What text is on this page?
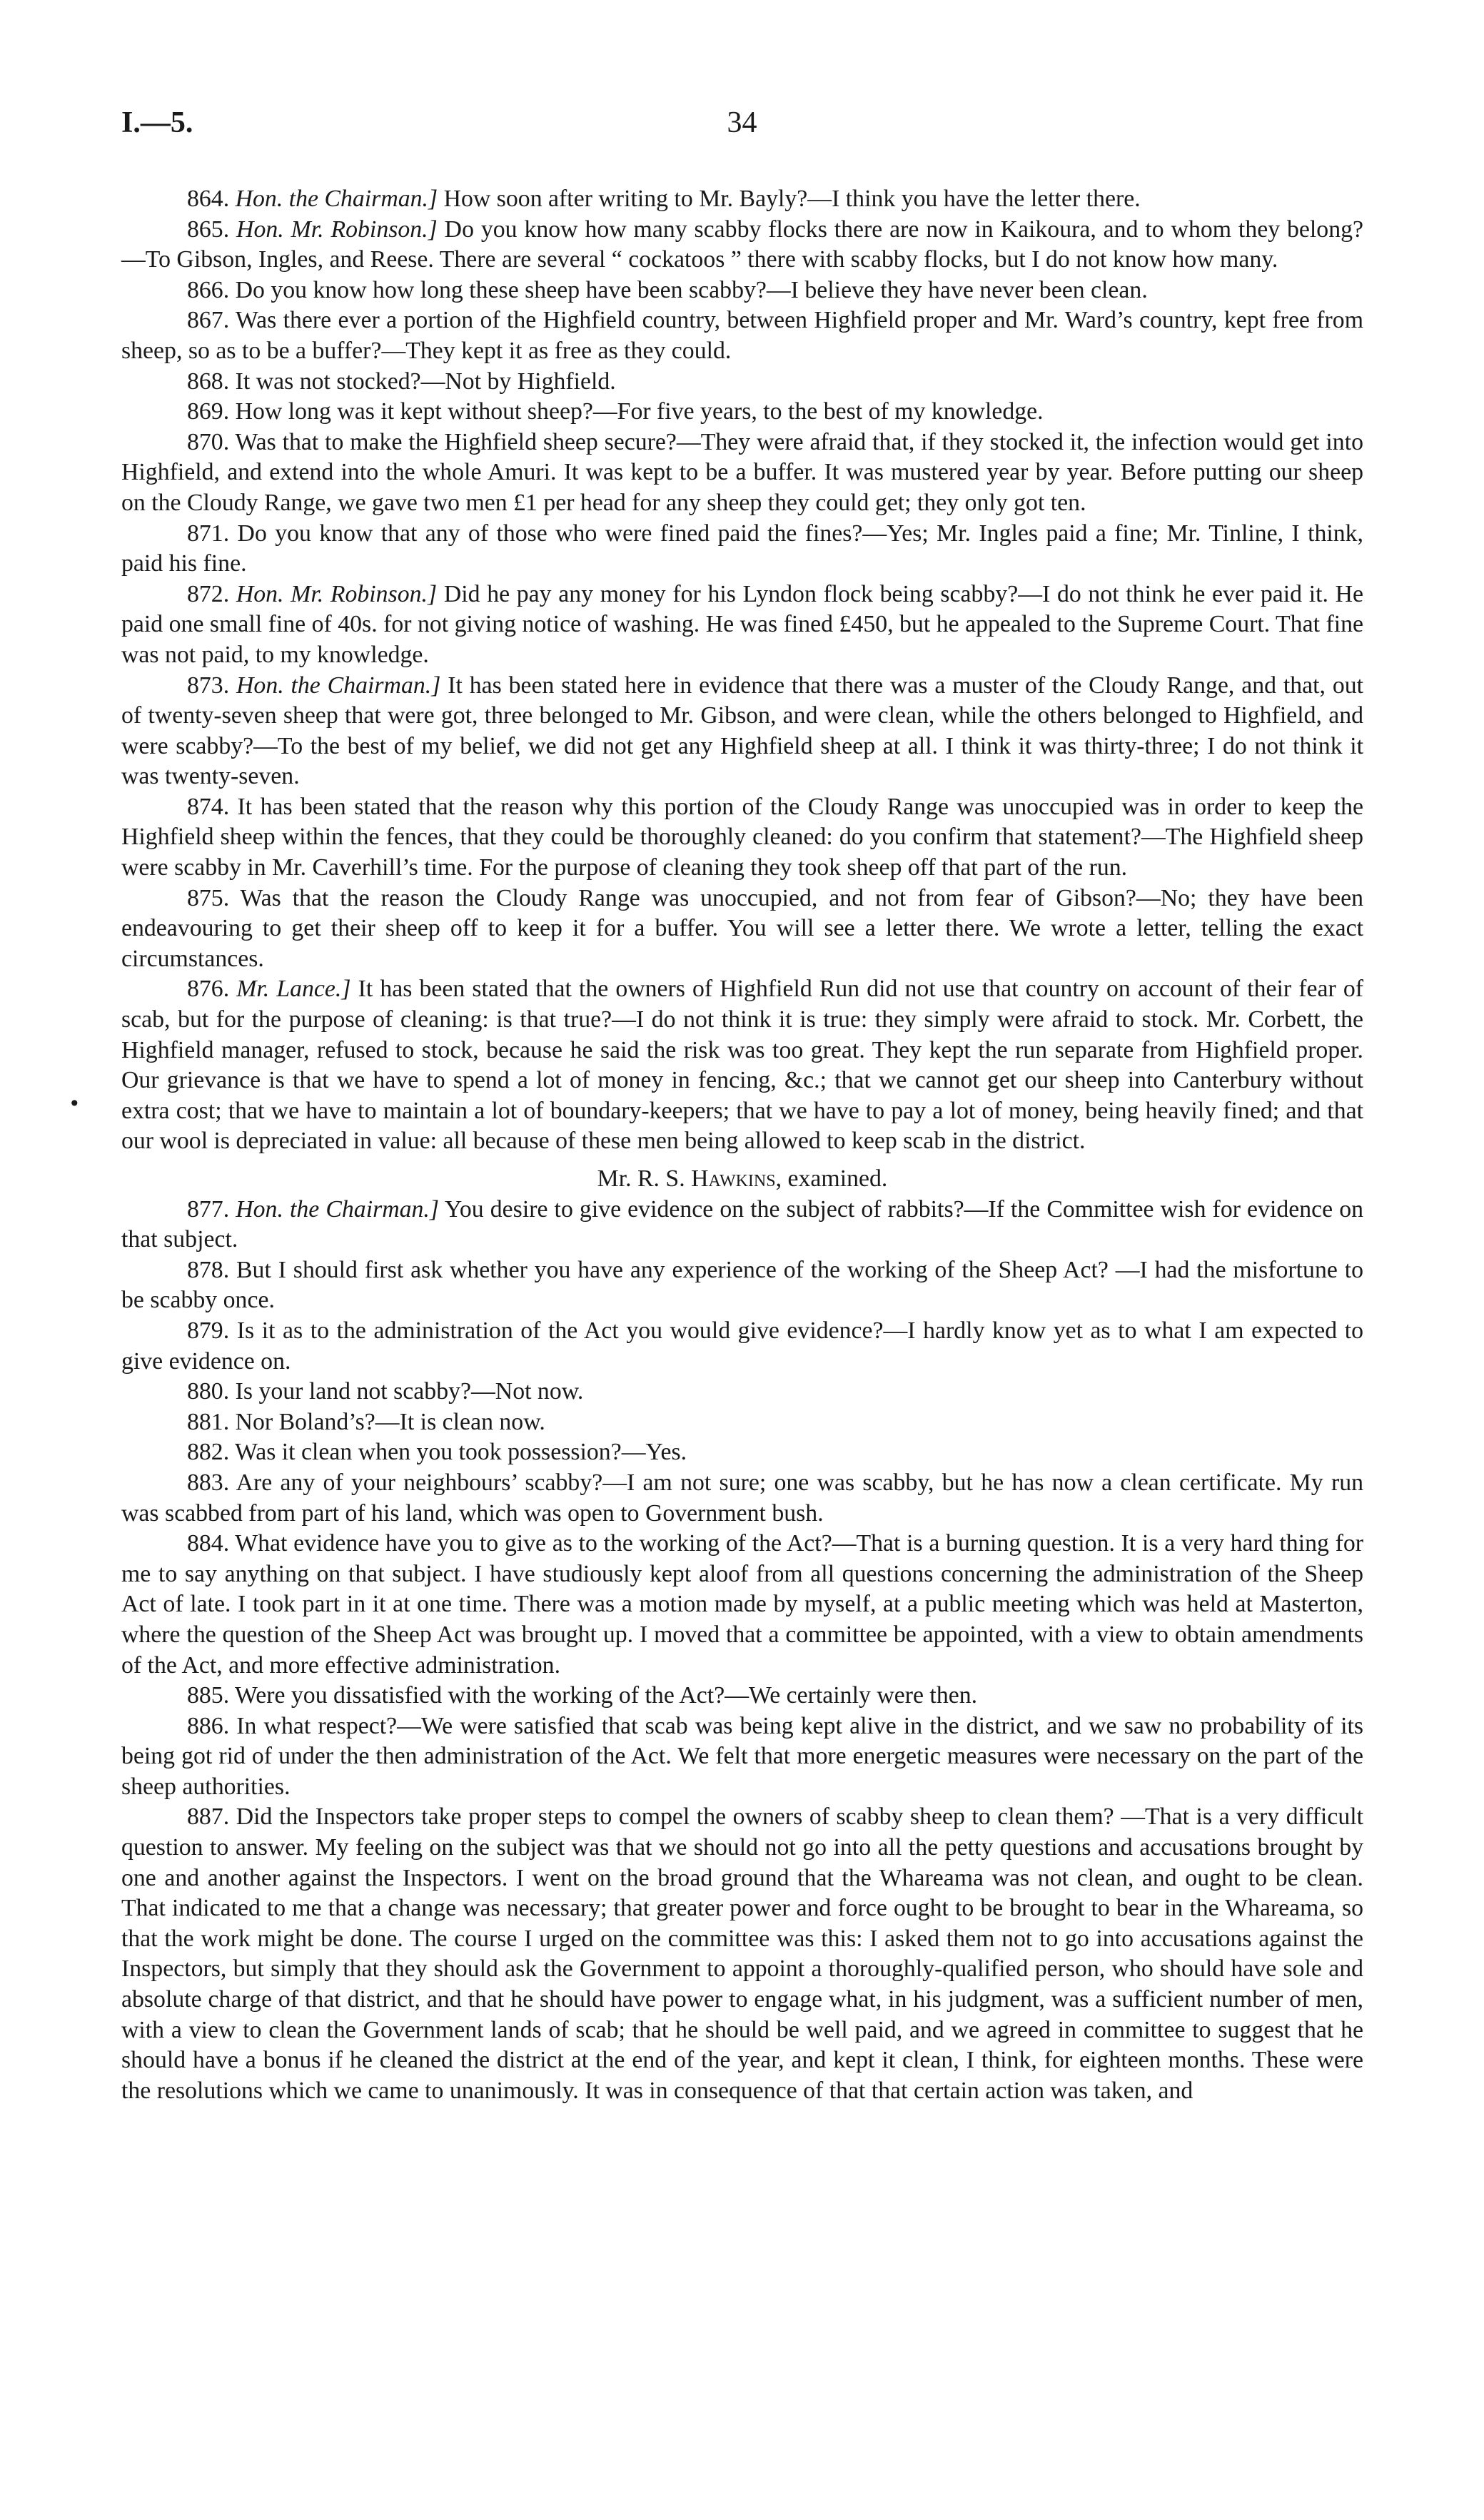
I.—5.	34
•

864. Hon. the Chairman.] How soon after writing to Mr. Bayly?—I think you have the letter there.

865. Hon. Mr. Robinson.] Do you know how many scabby flocks there are now in Kaikoura, and to whom they belong?—To Gibson, Ingles, and Reese. There are several “ cockatoos ” there with scabby flocks, but I do not know how many.

866. Do you know how long these sheep have been scabby?—I believe they have never been clean.

867. Was there ever a portion of the Highfield country, between Highfield proper and Mr. Ward’s country, kept free from sheep, so as to be a buffer?—They kept it as free as they could.

868. It was not stocked?—Not by Highfield.

869. How long was it kept without sheep?—For five years, to the best of my knowledge.

870. Was that to make the Highfield sheep secure?—They were afraid that, if they stocked it, the infection would get into Highfield, and extend into the whole Amuri. It was kept to be a buffer. It was mustered year by year. Before putting our sheep on the Cloudy Range, we gave two men £1 per head for any sheep they could get; they only got ten.

871. Do you know that any of those who were fined paid the fines?—Yes; Mr. Ingles paid a fine; Mr. Tinline, I think, paid his fine.

872. Hon. Mr. Robinson.] Did he pay any money for his Lyndon flock being scabby?—I do not think he ever paid it. He paid one small fine of 40s. for not giving notice of washing. He was fined £450, but he appealed to the Supreme Court. That fine was not paid, to my knowledge.

873. Hon. the Chairman.] It has been stated here in evidence that there was a muster of the Cloudy Range, and that, out of twenty-seven sheep that were got, three belonged to Mr. Gibson, and were clean, while the others belonged to Highfield, and were scabby?—To the best of my belief, we did not get any Highfield sheep at all. I think it was thirty-three; I do not think it was twenty-seven.

874. It has been stated that the reason why this portion of the Cloudy Range was unoccupied was in order to keep the Highfield sheep within the fences, that they could be thoroughly cleaned: do you confirm that statement?—The Highfield sheep were scabby in Mr. Caverhill’s time. For the purpose of cleaning they took sheep off that part of the run.

875. Was that the reason the Cloudy Range was unoccupied, and not from fear of Gibson?—No; they have been endeavouring to get their sheep off to keep it for a buffer. You will see a letter there. We wrote a letter, telling the exact circumstances.

876. Mr. Lance.] It has been stated that the owners of Highfield Run did not use that country on account of their fear of scab, but for the purpose of cleaning: is that true?—I do not think it is true: they simply were afraid to stock. Mr. Corbett, the Highfield manager, refused to stock, because he said the risk was too great. They kept the run separate from Highfield proper. Our grievance is that we have to spend a lot of money in fencing, &c.; that we cannot get our sheep into Canterbury without extra cost; that we have to maintain a lot of boundary-keepers; that we have to pay a lot of money, being heavily fined; and that our wool is depreciated in value: all because of these men being allowed to keep scab in the district.

Mr. R. S. Hawkins, examined.

877. Hon. the Chairman.] You desire to give evidence on the subject of rabbits?—If the Committee wish for evidence on that subject.

878. But I should first ask whether you have any experience of the working of the Sheep Act? —I had the misfortune to be scabby once.

879. Is it as to the administration of the Act you would give evidence?—I hardly know yet as to what I am expected to give evidence on.

880. Is your land not scabby?—Not now.

881. Nor Boland’s?—It is clean now.

882. Was it clean when you took possession?—Yes.

883. Are any of your neighbours’ scabby?—I am not sure; one was scabby, but he has now a clean certificate. My run was scabbed from part of his land, which was open to Government bush.

884. What evidence have you to give as to the working of the Act?—That is a burning question. It is a very hard thing for me to say anything on that subject. I have studiously kept aloof from all questions concerning the administration of the Sheep Act of late. I took part in it at one time. There was a motion made by myself, at a public meeting which was held at Masterton, where the question of the Sheep Act was brought up. I moved that a committee be appointed, with a view to obtain amendments of the Act, and more effective administration.

885. Were you dissatisfied with the working of the Act?—We certainly were then.

886. In what respect?—We were satisfied that scab was being kept alive in the district, and we saw no probability of its being got rid of under the then administration of the Act. We felt that more energetic measures were necessary on the part of the sheep authorities.

887. Did the Inspectors take proper steps to compel the owners of scabby sheep to clean them? —That is a very difficult question to answer. My feeling on the subject was that we should not go into all the petty questions and accusations brought by one and another against the Inspectors. I went on the broad ground that the Whareama was not clean, and ought to be clean. That indicated to me that a change was necessary; that greater power and force ought to be brought to bear in the Whareama, so that the work might be done. The course I urged on the committee was this: I asked them not to go into accusations against the Inspectors, but simply that they should ask the Government to appoint a thoroughly-qualified person, who should have sole and absolute charge of that district, and that he should have power to engage what, in his judgment, was a sufficient number of men, with a view to clean the Government lands of scab; that he should be well paid, and we agreed in committee to suggest that he should have a bonus if he cleaned the district at the end of the year, and kept it clean, I think, for eighteen months. These were the resolutions which we came to unanimously. It was in consequence of that that certain action was taken, and
